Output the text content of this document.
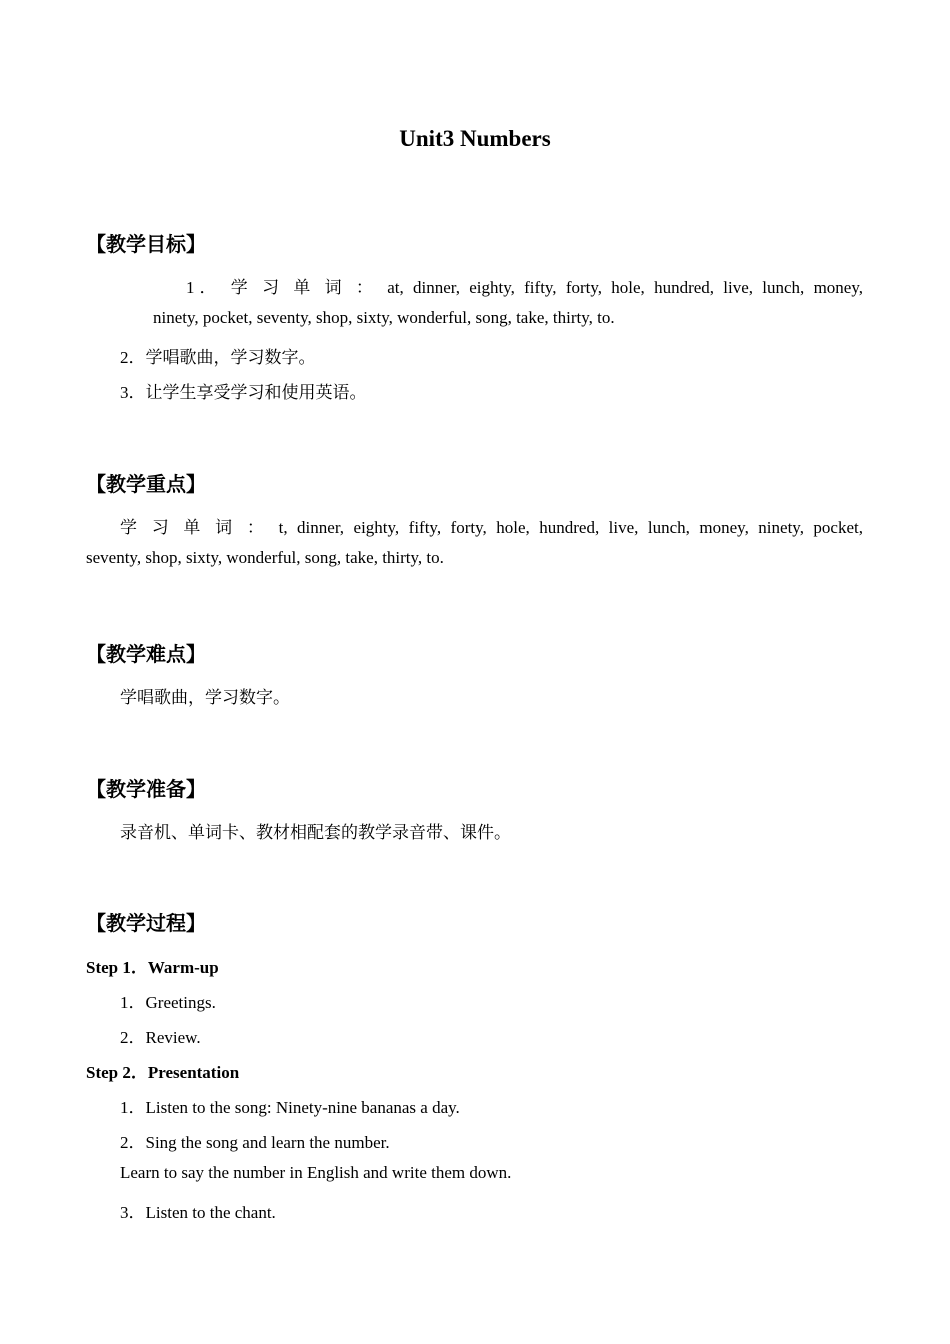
Unit3 Numbers
【教学目标】
1． 学 习 单 词 ： at, dinner, eighty, fifty, forty, hole, hundred, live, lunch, money,
ninety, pocket, seventy, shop, sixty, wonderful, song, take, thirty, to.
2．学唱歌曲，学习数字。
3．让学生享受学习和使用英语。
【教学重点】
学 习 单 词 ： t, dinner, eighty, fifty, forty, hole, hundred, live, lunch, money, ninety, pocket,
seventy, shop, sixty, wonderful, song, take, thirty, to.
【教学难点】
学唱歌曲，学习数字。
【教学准备】
录音机、单词卡、教材相配套的教学录音带、课件。
【教学过程】
Step 1．Warm-up
1．Greetings.
2．Review.
Step 2．Presentation
1．Listen to the song: Ninety-nine bananas a day.
2．Sing the song and learn the number.
Learn to say the number in English and write them down.
3．Listen to the chant.
